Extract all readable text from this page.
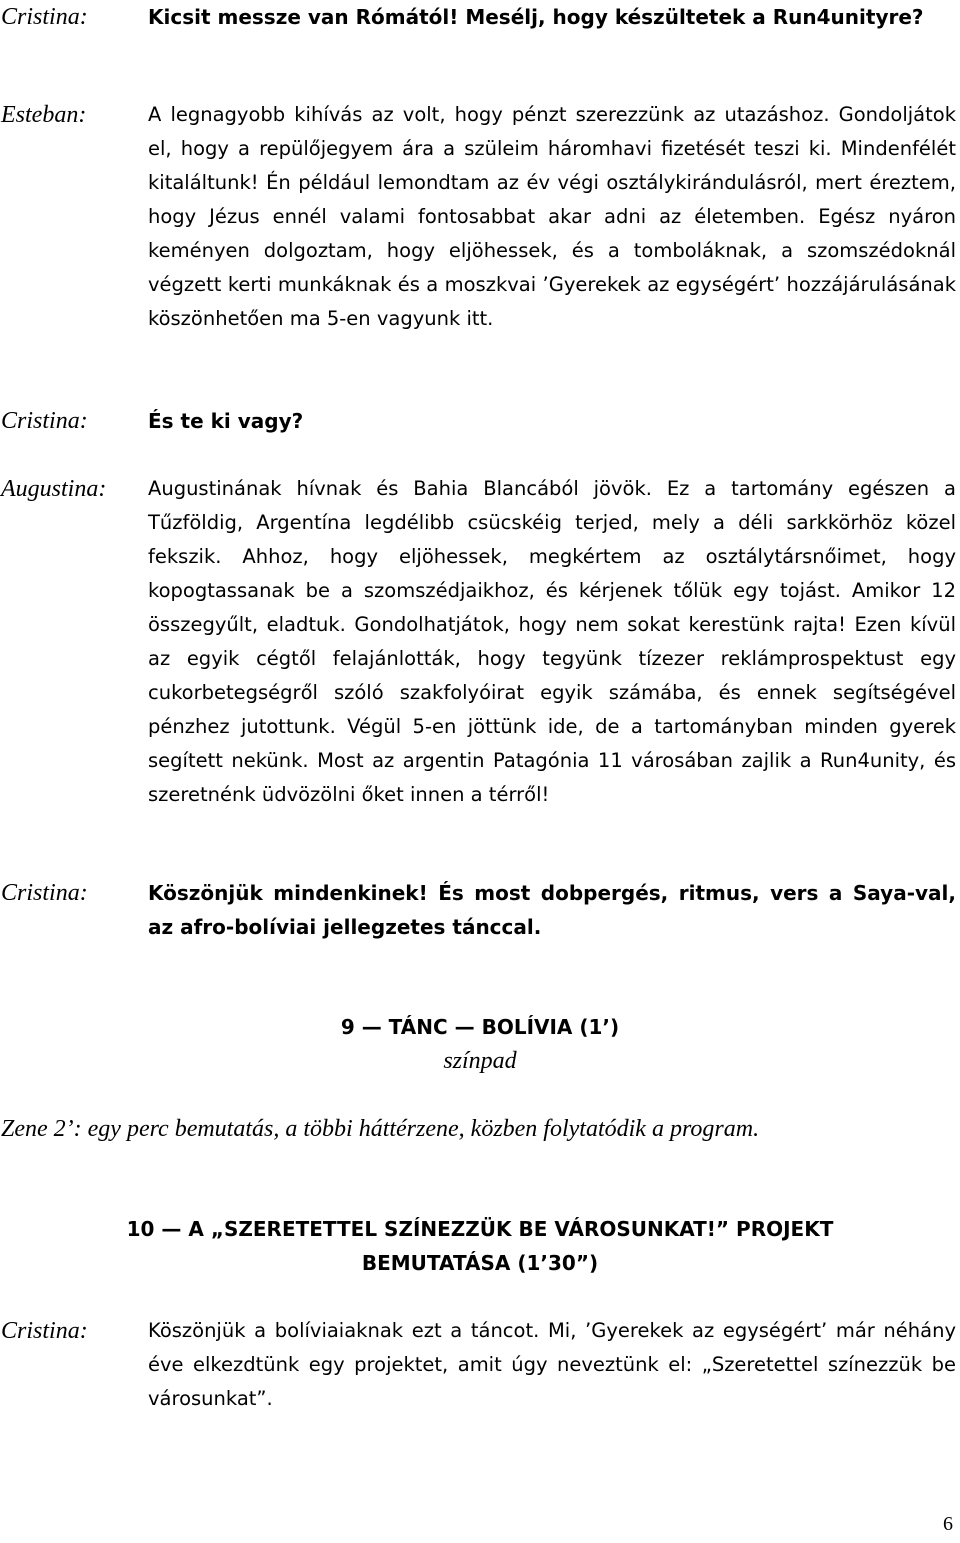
Cristina:	Kicsit messze van Rómától! Mesélj, hogy készültetek a Run4unityre?
Esteban:	A legnagyobb kihívás az volt, hogy pénzt szerezzünk az utazáshoz. Gondoljátok el, hogy a repülőjegyem ára a szüleim háromhavi fizetését teszi ki. Mindenfélét kitaláltunk! Én például lemondtam az év végi osztálykirándulásról, mert éreztem, hogy Jézus ennél valami fontosabbat akar adni az életemben. Egész nyáron keményen dolgoztam, hogy eljöhessek, és a tomboláknak, a szomszédoknál végzett kerti munkáknak és a moszkvai ’Gyerekek az egységért’ hozzájárulásának köszönhetően ma 5-en vagyunk itt.
Cristina:	És te ki vagy?
Augustina: Augustinának hívnak és Bahia Blancából jövök. Ez a tartomány egészen a Tűzföldig, Argentína legdélibb csücskéig terjed, mely a déli sarkkörhöz közel fekszik. Ahhoz, hogy eljöhessek, megkértem az osztálytársnőimet, hogy kopogtassanak be a szomszédjaikhoz, és kérjenek tőlük egy tojást. Amikor 12 összegyűlt, eladtuk. Gondolhatjátok, hogy nem sokat kerestünk rajta! Ezen kívül az egyik cégtől felajánlották, hogy tegyünk tízezer reklámprospektust egy cukorbetegségről szóló szakfolyóirat egyik számába, és ennek segítségével pénzhez jutottunk. Végül 5-en jöttünk ide, de a tartományban minden gyerek segített nekünk. Most az argentin Patagónia 11 városában zajlik a Run4unity, és szeretnénk üdvözölni őket innen a térről!
Cristina:	Köszönjük mindenkinek! És most dobpergés, ritmus, vers a Saya-val, az afro-bolíviai jellegzetes tánccal.
9 — TÁNC — BOLÍVIA (1’)
színpad
Zene 2’: egy perc bemutatás, a többi háttérzene, közben folytatódik a program.
10 — A „SZERETETTEL SZÍNEZZÜK BE VÁROSUNKAT!” PROJEKT
BEMUTATÁSA (1’30”)
Cristina:	Köszönjük a bolíviaiaknak ezt a táncot. Mi, ’Gyerekek az egységért’ már néhány éve elkezdtünk egy projektet, amit úgy neveztünk el: „Szeretettel színezzük be városunkat”.
6
